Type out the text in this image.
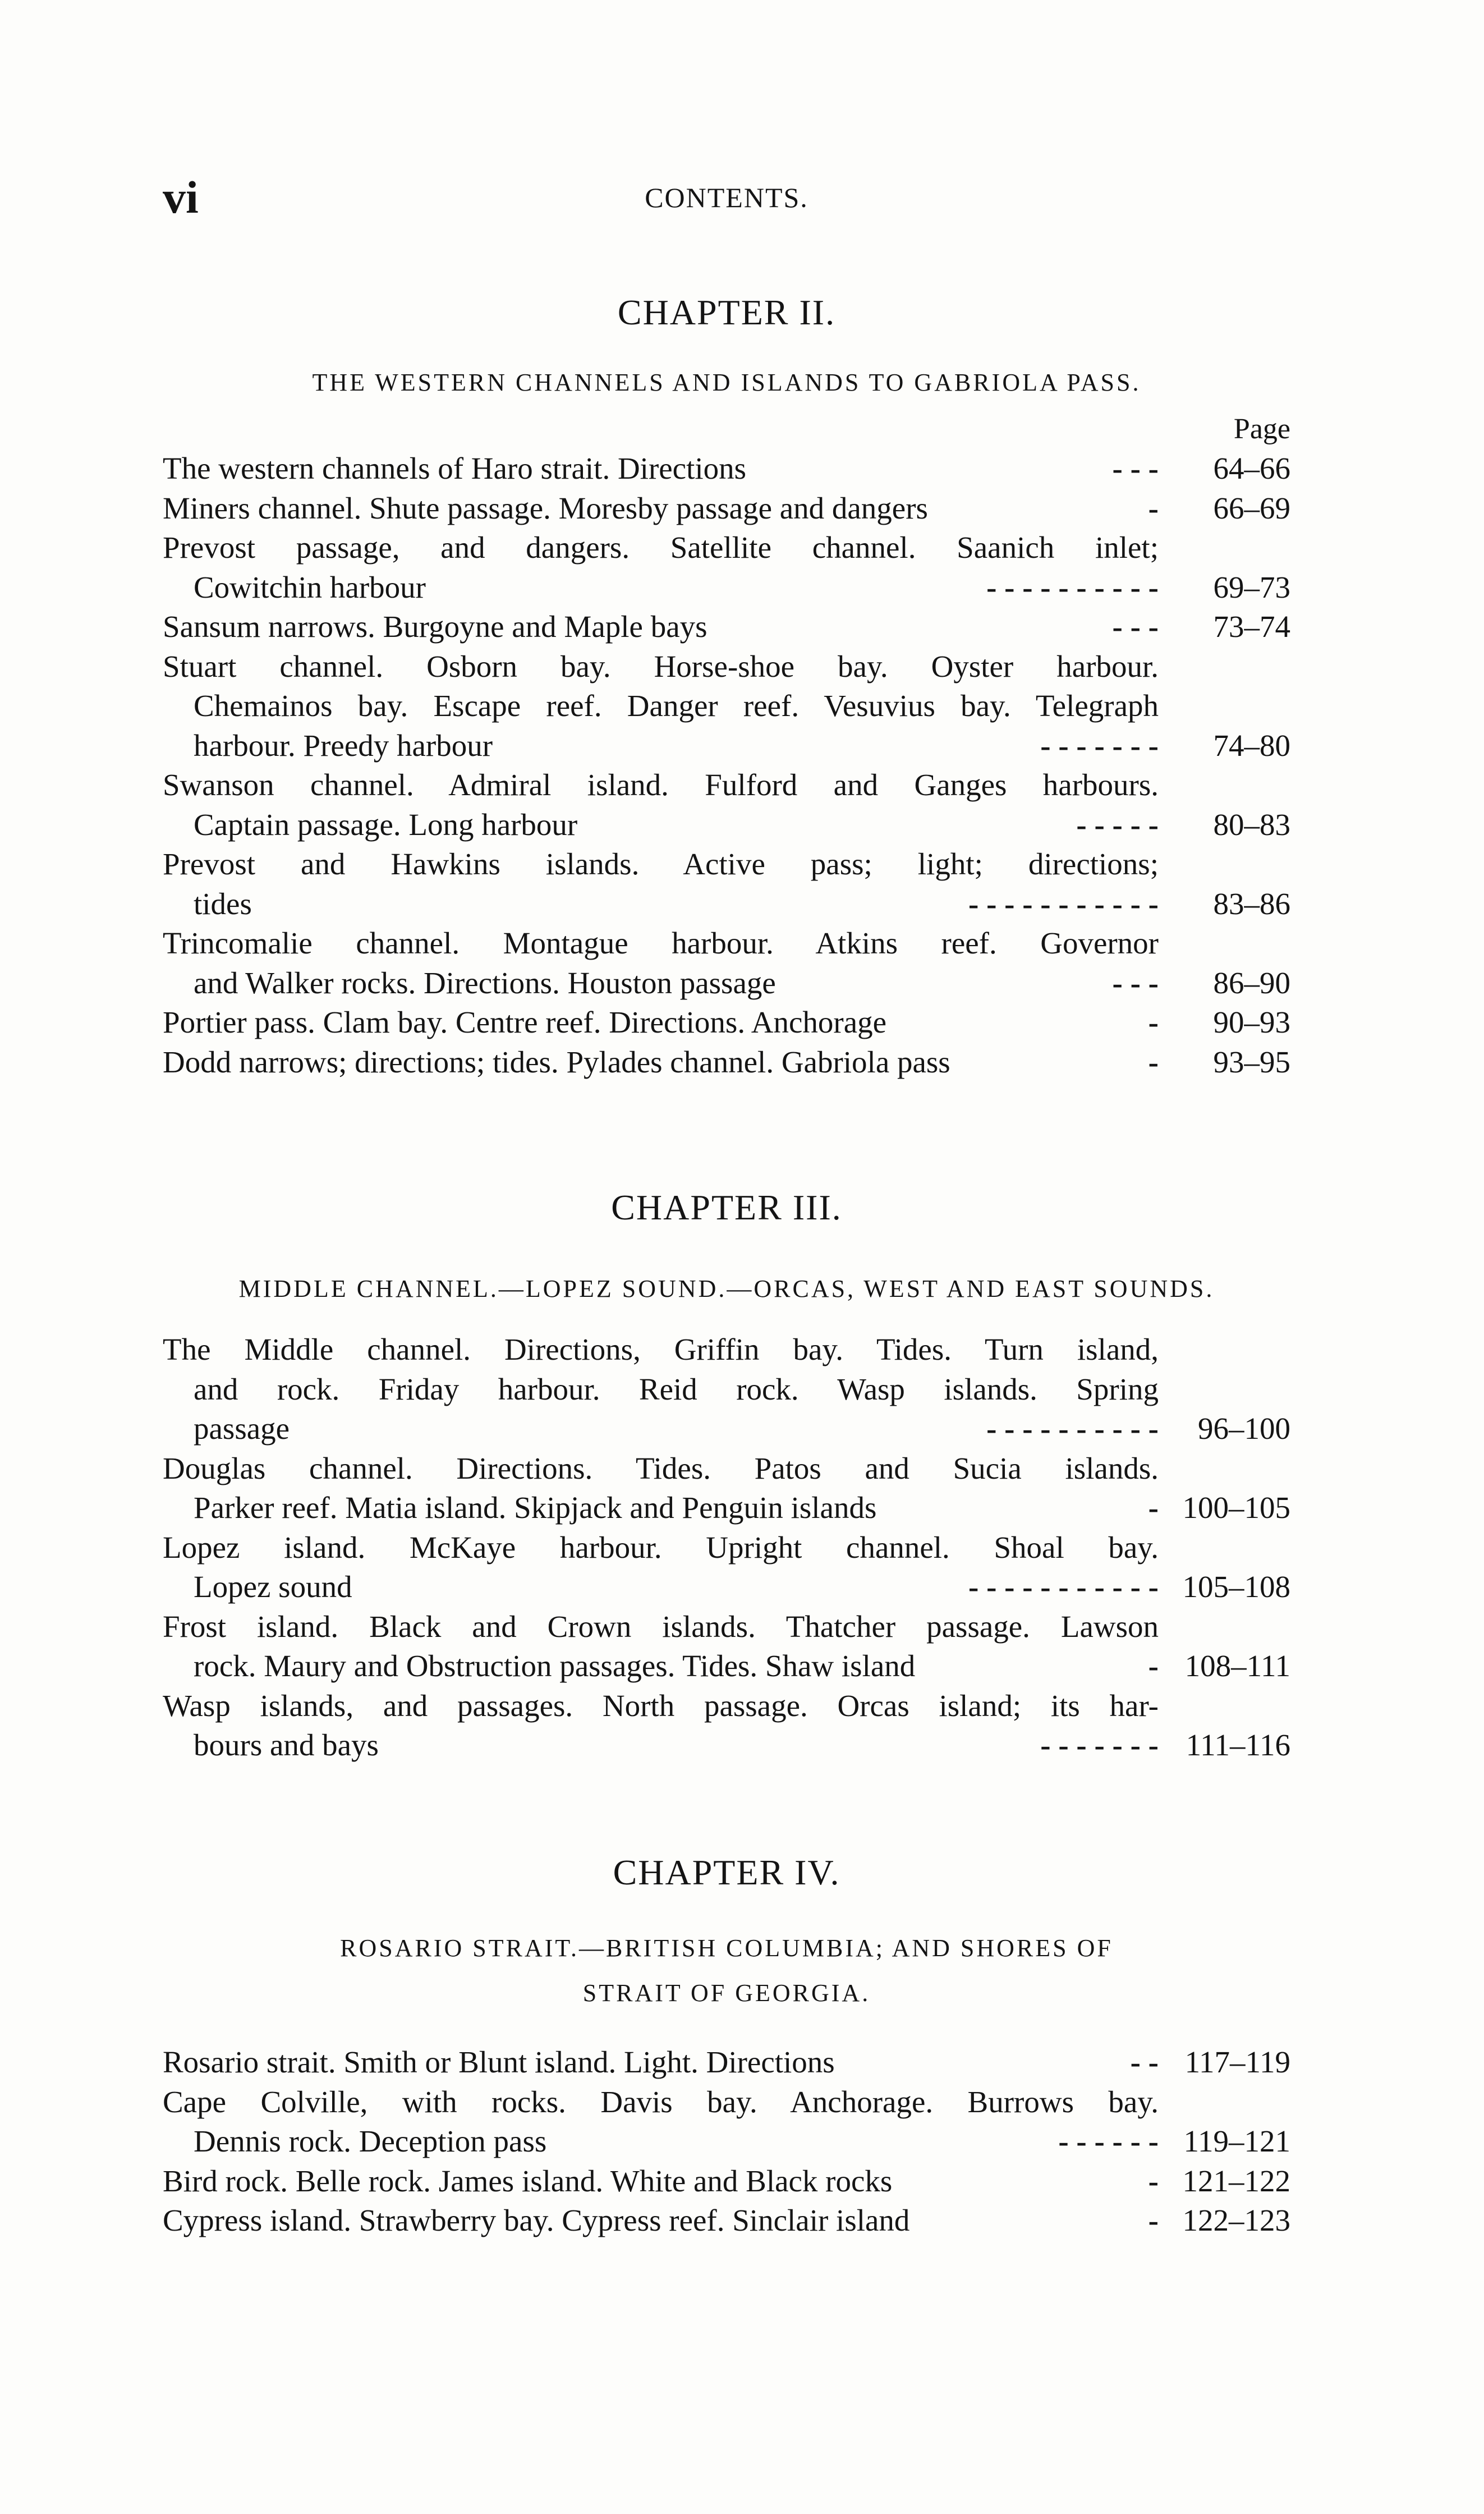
vi	CONTENTS.
CHAPTER II.
THE WESTERN CHANNELS AND ISLANDS TO GABRIOLA PASS.
Page
The western channels of Haro strait. Directions	- - - 64–66
Miners channel. Shute passage. Moresby passage and dangers	- 66–69
Prevost passage, and dangers. Satellite channel. Saanich inlet;
Cowitchin harbour	- - - - - - - - - - 69–73
Sansum narrows. Burgoyne and Maple bays	- - - 73–74
Stuart channel. Osborn bay. Horse-shoe bay. Oyster harbour.
Chemainos bay. Escape reef. Danger reef. Vesuvius bay. Telegraph
harbour. Preedy harbour	- - - - - - - 74–80
Swanson channel. Admiral island. Fulford and Ganges harbours.
Captain passage. Long harbour	- - - - - 80–83
Prevost and Hawkins islands. Active pass; light; directions;
tides	- - - - - - - - - - - 83–86
Trincomalie channel. Montague harbour. Atkins reef. Governor
and Walker rocks. Directions. Houston passage	- - - 86–90
Portier pass. Clam bay. Centre reef. Directions. Anchorage	- 90–93
Dodd narrows; directions; tides. Pylades channel. Gabriola pass	- 93–95
CHAPTER III.
MIDDLE CHANNEL.—LOPEZ SOUND.—ORCAS, WEST AND EAST SOUNDS.
The Middle channel. Directions, Griffin bay. Tides. Turn island,
and rock. Friday harbour. Reid rock. Wasp islands. Spring
passage	- - - - - - - - - - 96–100
Douglas channel. Directions. Tides. Patos and Sucia islands.
Parker reef. Matia island. Skipjack and Penguin islands	- 100–105
Lopez island. McKaye harbour. Upright channel. Shoal bay.
Lopez sound	- - - - - - - - - - - 105–108
Frost island. Black and Crown islands. Thatcher passage. Lawson
rock. Maury and Obstruction passages. Tides. Shaw island	- 108–111
Wasp islands, and passages. North passage. Orcas island; its har-
bours and bays	- - - - - - - 111–116
CHAPTER IV.
ROSARIO STRAIT.—BRITISH COLUMBIA; AND SHORES OF
STRAIT OF GEORGIA.
Rosario strait. Smith or Blunt island. Light. Directions	- - 117–119
Cape Colville, with rocks. Davis bay. Anchorage. Burrows bay.
Dennis rock. Deception pass	- - - - - - 119–121
Bird rock. Belle rock. James island. White and Black rocks	- 121–122
Cypress island. Strawberry bay. Cypress reef. Sinclair island	- 122–123
